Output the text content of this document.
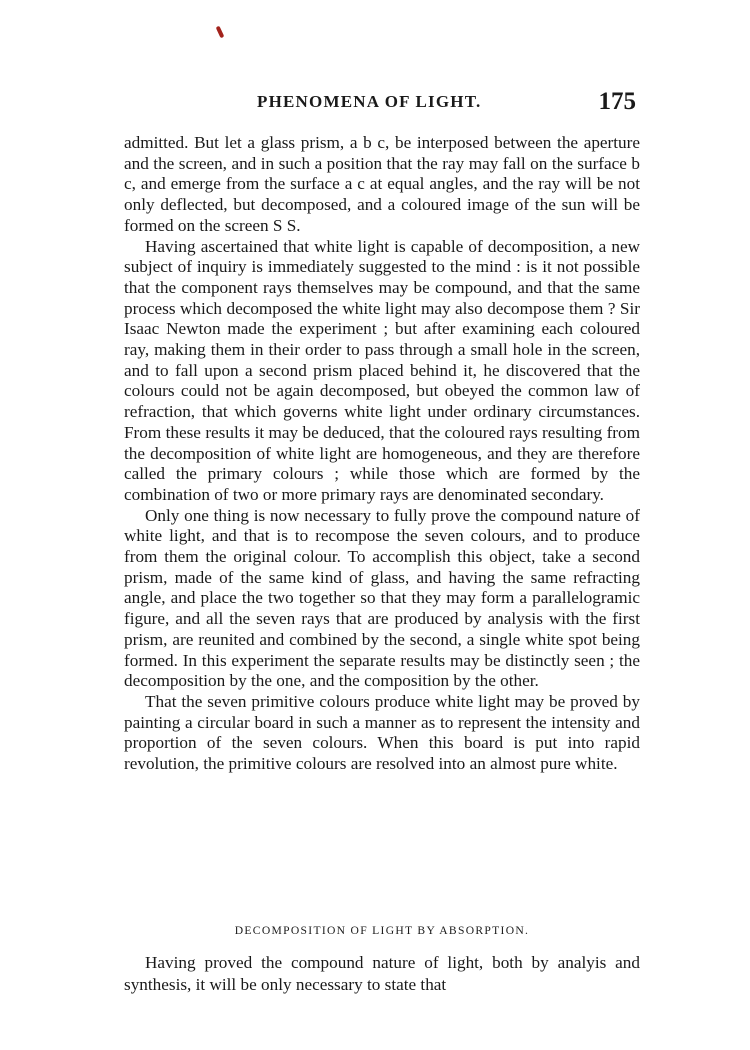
PHENOMENA OF LIGHT.	175

admitted. But let a glass prism, a b c, be interposed between the aperture and the screen, and in such a position that the ray may fall on the surface b c, and emerge from the surface a c at equal angles, and the ray will be not only deflected, but decomposed, and a coloured image of the sun will be formed on the screen S S.

Having ascertained that white light is capable of decomposition, a new subject of inquiry is immediately suggested to the mind : is it not possible that the component rays themselves may be compound, and that the same process which decomposed the white light may also decompose them ? Sir Isaac Newton made the experiment ; but after examining each coloured ray, making them in their order to pass through a small hole in the screen, and to fall upon a second prism placed behind it, he discovered that the colours could not be again decomposed, but obeyed the common law of refraction, that which governs white light under ordinary circumstances. From these results it may be deduced, that the coloured rays resulting from the decomposition of white light are homogeneous, and they are therefore called the primary colours ; while those which are formed by the combination of two or more primary rays are denominated secondary.

Only one thing is now necessary to fully prove the compound nature of white light, and that is to recompose the seven colours, and to produce from them the original colour. To accomplish this object, take a second prism, made of the same kind of glass, and having the same refracting angle, and place the two together so that they may form a parallelogramic figure, and all the seven rays that are produced by analysis with the first prism, are reunited and combined by the second, a single white spot being formed. In this experiment the separate results may be distinctly seen ; the decomposition by the one, and the composition by the other.

That the seven primitive colours produce white light may be proved by painting a circular board in such a manner as to represent the intensity and proportion of the seven colours. When this board is put into rapid revolution, the primitive colours are resolved into an almost pure white.

DECOMPOSITION OF LIGHT BY ABSORPTION.

Having proved the compound nature of light, both by analyis and synthesis, it will be only necessary to state that
